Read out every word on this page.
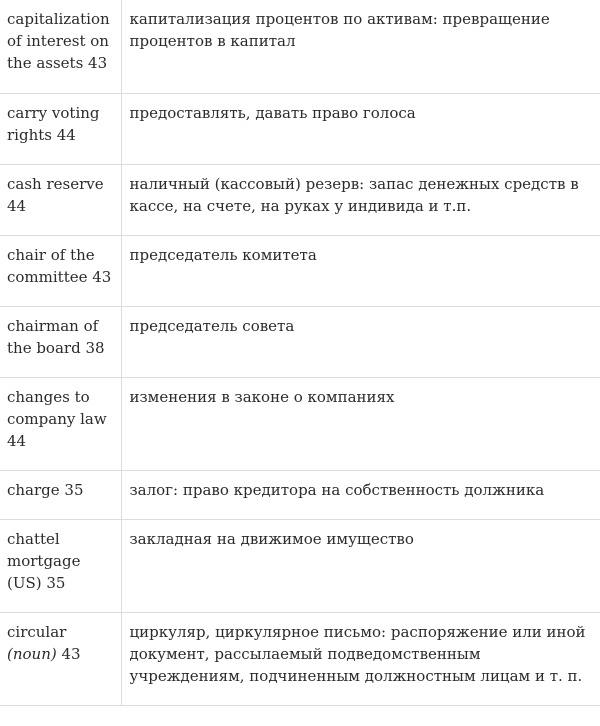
capitalization of interest on the assets 43	капитализация процентов по активам: превращение процентов в капитал
carry voting rights 44	предоставлять, давать право голоса
cash reserve 44	наличный (кассовый) резерв: запас денежных средств в кассе, на счете, на руках у индивида и т.п.
chair of the committee 43	председатель комитета
chairman of the board 38	председатель совета
changes to company law 44	изменения в законе о компаниях
charge 35	залог: право кредитора на собственность должника
chattel mortgage (US) 35	закладная на движимое имущество
circular (noun) 43	циркуляр, циркулярное письмо: распоряжение или иной документ, рассылаемый подведомственным учреждениям, подчиненным должностным лицам и т. п.
